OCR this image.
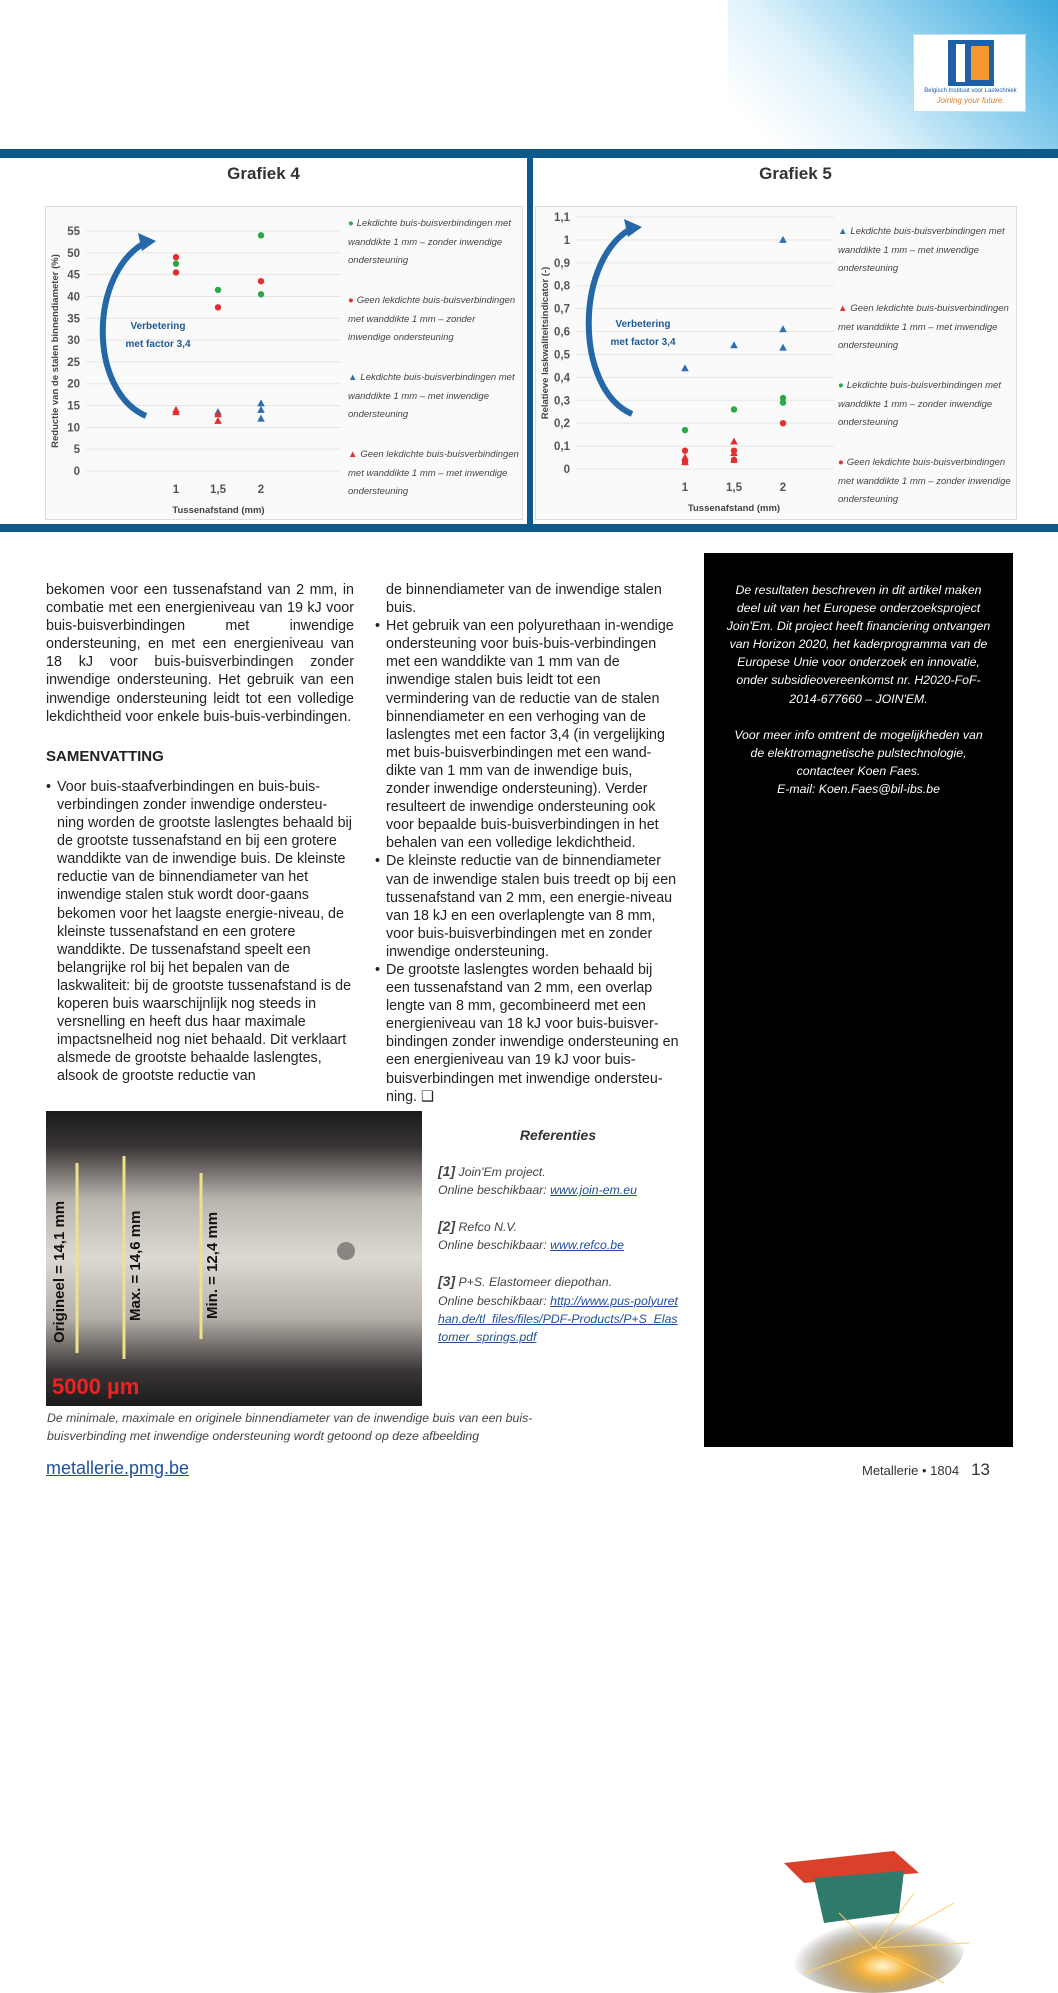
Belgisch Instituut voor Lastechniek
Joining your future.
Grafiek 4
0
5
10
15
20
25
30
35
40
45
50
55
1	1,5	2
Tussenafstand (mm)
Reductie van de stalen binnendiameter (%)	Verbetering
met factor 3,4
● Lekdichte buis-buisverbindingen met wanddikte 1 mm – zonder inwendige ondersteuning
● Geen lekdichte buis-buisverbindingen met wanddikte 1 mm – zonder inwendige ondersteuning
▲ Lekdichte buis-buisverbindingen met wanddikte 1 mm – met inwendige ondersteuning
▲ Geen lekdichte buis-buisverbindingen met wanddikte 1 mm – met inwendige ondersteuning
Grafiek 5
0
0,1
0,2
0,3
0,4
0,5
0,6
0,7
0,8
0,9
1
1,1
1	1,5	2
Tussenafstand (mm)
Relatieve laskwaliteitsindicator (-)	Verbetering
met factor 3,4
▲ Lekdichte buis-buisverbindingen met wanddikte 1 mm – met inwendige ondersteuning
▲ Geen lekdichte buis-buisverbindingen met wanddikte 1 mm – met inwendige ondersteuning
● Lekdichte buis-buisverbindingen met wanddikte 1 mm – zonder inwendige ondersteuning
● Geen lekdichte buis-buisverbindingen met wanddikte 1 mm – zonder inwendige ondersteuning

bekomen voor een tussenafstand van 2 mm, in combatie met een energieniveau van 19 kJ voor buis-buisverbindingen met inwendige ondersteuning, en met een energieniveau van 18 kJ voor buis-buisverbindingen zonder inwendige ondersteuning. Het gebruik van een inwendige ondersteuning leidt tot een volledige lekdichtheid voor enkele buis-buis-verbindingen.

SAMENVATTING
• Voor buis-staafverbindingen en buis-buis-verbindingen zonder inwendige ondersteu-ning worden de grootste laslengtes behaald bij de grootste tussenafstand en bij een grotere wanddikte van de inwendige buis. De kleinste reductie van de binnendiameter van het inwendige stalen stuk wordt door-gaans bekomen voor het laagste energie-niveau, de kleinste tussenafstand en een grotere wanddikte. De tussenafstand speelt een belangrijke rol bij het bepalen van de laskwaliteit: bij de grootste tussenafstand is de koperen buis waarschijnlijk nog steeds in versnelling en heeft dus haar maximale impactsnelheid nog niet behaald. Dit verklaart alsmede de grootste behaalde laslengtes, alsook de grootste reductie van

de binnendiameter van de inwendige stalen buis.

• Het gebruik van een polyurethaan in-wendige ondersteuning voor buis-buis-verbindingen met een wanddikte van 1 mm van de inwendige stalen buis leidt tot een vermindering van de reductie van de stalen binnendiameter en een verhoging van de laslengtes met een factor 3,4 (in vergelijking met buis-buisverbindingen met een wand-dikte van 1 mm van de inwendige buis, zonder inwendige ondersteuning). Verder resulteert de inwendige ondersteuning ook voor bepaalde buis-buisverbindingen in het behalen van een volledige lekdichtheid.
• De kleinste reductie van de binnendiameter van de inwendige stalen buis treedt op bij een tussenafstand van 2 mm, een energie-niveau van 18 kJ en een overlaplengte van 8 mm, voor buis-buisverbindingen met en zonder inwendige ondersteuning.
• De grootste laslengtes worden behaald bij een tussenafstand van 2 mm, een overlap lengte van 8 mm, gecombineerd met een energieniveau van 18 kJ voor buis-buisver-bindingen zonder inwendige ondersteuning en een energieniveau van 19 kJ voor buis-buisverbindingen met inwendige ondersteu-ning. ❑

De resultaten beschreven in dit artikel maken deel uit van het Europese onderzoeksproject Join'Em. Dit project heeft financiering ontvangen van Horizon 2020, het kaderprogramma van de Europese Unie voor onderzoek en innovatie, onder subsidieovereenkomst nr. H2020-FoF-2014-677660 – JOIN'EM.

Voor meer info omtrent de mogelijkheden van de elektromagnetische pulstechnologie, contacteer Koen Faes.

E-mail: Koen.Faes@bil-ibs.be

Origineel = 14,1 mm	Max. = 14,6 mm	Min. = 12,4 mm
5000 µm
De minimale, maximale en originele binnendiameter van de inwendige buis van een buis-buisverbinding met inwendige ondersteuning wordt getoond op deze afbeelding
Referenties
[1] Join'Em project.
Online beschikbaar: www.join-em.eu
[2] Refco N.V.
Online beschikbaar: www.refco.be
[3] P+S. Elastomeer diepothan.
Online beschikbaar: http://www.pus-polyurethan.de/tl_files/files/PDF-Products/P+S_Elastomer_springs.pdf
metallerie.pmg.be	Metallerie • 1804 13
